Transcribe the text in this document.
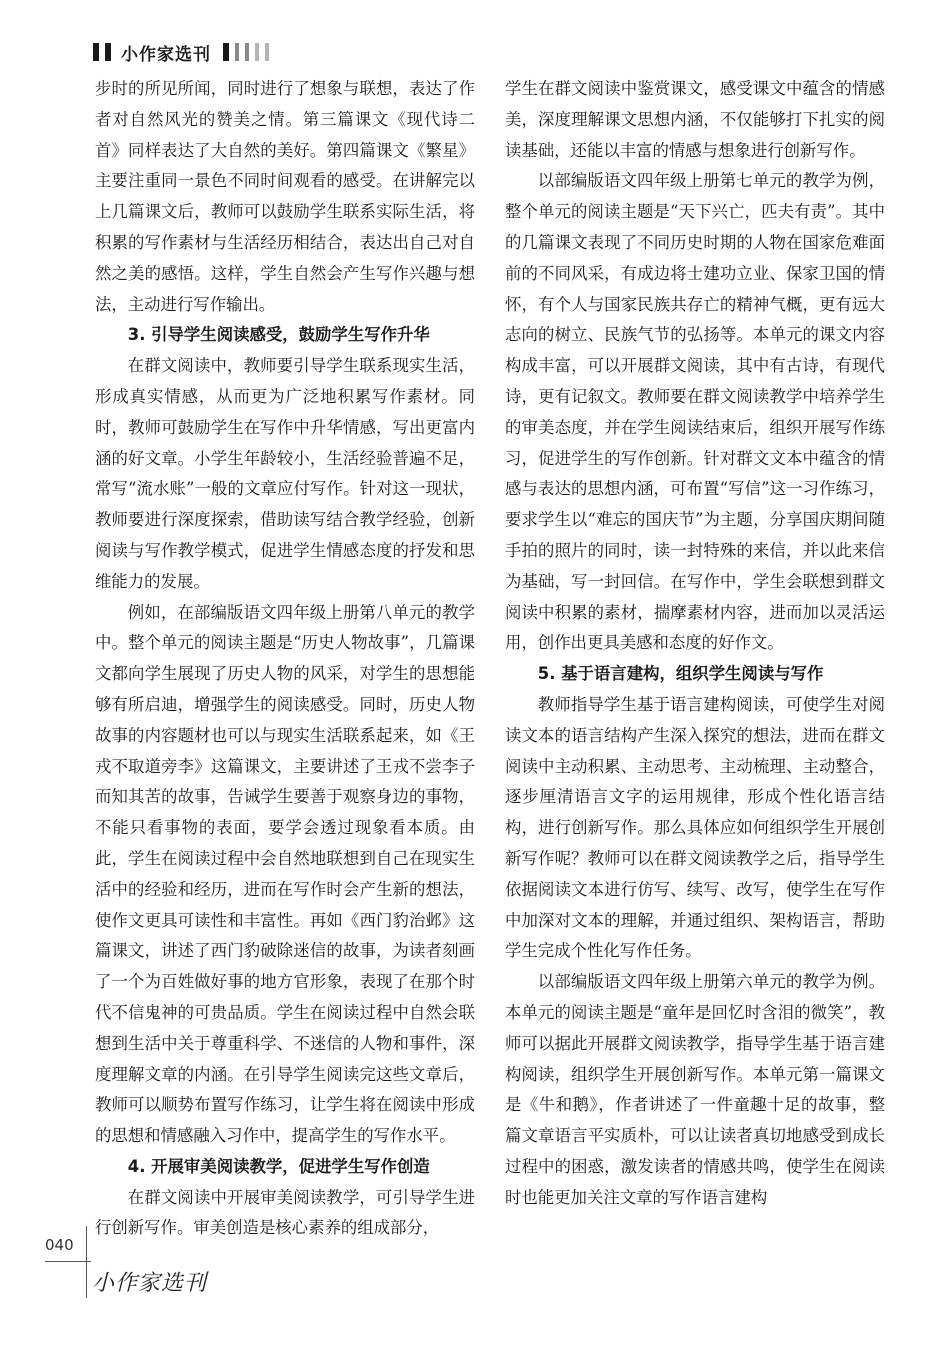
小作家选刊

步时的所见所闻，同时进行了想象与联想，表达了作者对自然风光的赞美之情。第三篇课文《现代诗二首》同样表达了大自然的美好。第四篇课文《繁星》主要注重同一景色不同时间观看的感受。在讲解完以上几篇课文后，教师可以鼓励学生联系实际生活，将积累的写作素材与生活经历相结合，表达出自己对自然之美的感悟。这样，学生自然会产生写作兴趣与想法，主动进行写作输出。

3. 引导学生阅读感受，鼓励学生写作升华

在群文阅读中，教师要引导学生联系现实生活，形成真实情感，从而更为广泛地积累写作素材。同时，教师可鼓励学生在写作中升华情感，写出更富内涵的好文章。小学生年龄较小，生活经验普遍不足，常写“流水账”一般的文章应付写作。针对这一现状，教师要进行深度探索，借助读写结合教学经验，创新阅读与写作教学模式，促进学生情感态度的抒发和思维能力的发展。

例如，在部编版语文四年级上册第八单元的教学中。整个单元的阅读主题是“历史人物故事”，几篇课文都向学生展现了历史人物的风采，对学生的思想能够有所启迪，增强学生的阅读感受。同时，历史人物故事的内容题材也可以与现实生活联系起来，如《王戎不取道旁李》这篇课文，主要讲述了王戎不尝李子而知其苦的故事，告诫学生要善于观察身边的事物，不能只看事物的表面，要学会透过现象看本质。由此，学生在阅读过程中会自然地联想到自己在现实生活中的经验和经历，进而在写作时会产生新的想法，使作文更具可读性和丰富性。再如《西门豹治邺》这篇课文，讲述了西门豹破除迷信的故事，为读者刻画了一个为百姓做好事的地方官形象，表现了在那个时代不信鬼神的可贵品质。学生在阅读过程中自然会联想到生活中关于尊重科学、不迷信的人物和事件，深度理解文章的内涵。在引导学生阅读完这些文章后，教师可以顺势布置写作练习，让学生将在阅读中形成的思想和情感融入习作中，提高学生的写作水平。

4. 开展审美阅读教学，促进学生写作创造

在群文阅读中开展审美阅读教学，可引导学生进行创新写作。审美创造是核心素养的组成部分，

学生在群文阅读中鉴赏课文，感受课文中蕴含的情感美，深度理解课文思想内涵，不仅能够打下扎实的阅读基础，还能以丰富的情感与想象进行创新写作。

以部编版语文四年级上册第七单元的教学为例，整个单元的阅读主题是“天下兴亡，匹夫有责”。其中的几篇课文表现了不同历史时期的人物在国家危难面前的不同风采，有成边将士建功立业、保家卫国的情怀，有个人与国家民族共存亡的精神气概，更有远大志向的树立、民族气节的弘扬等。本单元的课文内容构成丰富，可以开展群文阅读，其中有古诗，有现代诗，更有记叙文。教师要在群文阅读教学中培养学生的审美态度，并在学生阅读结束后，组织开展写作练习，促进学生的写作创新。针对群文文本中蕴含的情感与表达的思想内涵，可布置“写信”这一习作练习，要求学生以“难忘的国庆节”为主题，分享国庆期间随手拍的照片的同时，读一封特殊的来信，并以此来信为基础，写一封回信。在写作中，学生会联想到群文阅读中积累的素材，揣摩素材内容，进而加以灵活运用，创作出更具美感和态度的好作文。

5. 基于语言建构，组织学生阅读与写作

教师指导学生基于语言建构阅读，可使学生对阅读文本的语言结构产生深入探究的想法，进而在群文阅读中主动积累、主动思考、主动梳理、主动整合，逐步厘清语言文字的运用规律，形成个性化语言结构，进行创新写作。那么具体应如何组织学生开展创新写作呢？教师可以在群文阅读教学之后，指导学生依据阅读文本进行仿写、续写、改写，使学生在写作中加深对文本的理解，并通过组织、架构语言，帮助学生完成个性化写作任务。

以部编版语文四年级上册第六单元的教学为例。本单元的阅读主题是“童年是回忆时含泪的微笑”，教师可以据此开展群文阅读教学，指导学生基于语言建构阅读，组织学生开展创新写作。本单元第一篇课文是《牛和鹅》，作者讲述了一件童趣十足的故事，整篇文章语言平实质朴，可以让读者真切地感受到成长过程中的困惑，激发读者的情感共鸣，使学生在阅读时也能更加关注文章的写作语言建构

040
小作家选刊
